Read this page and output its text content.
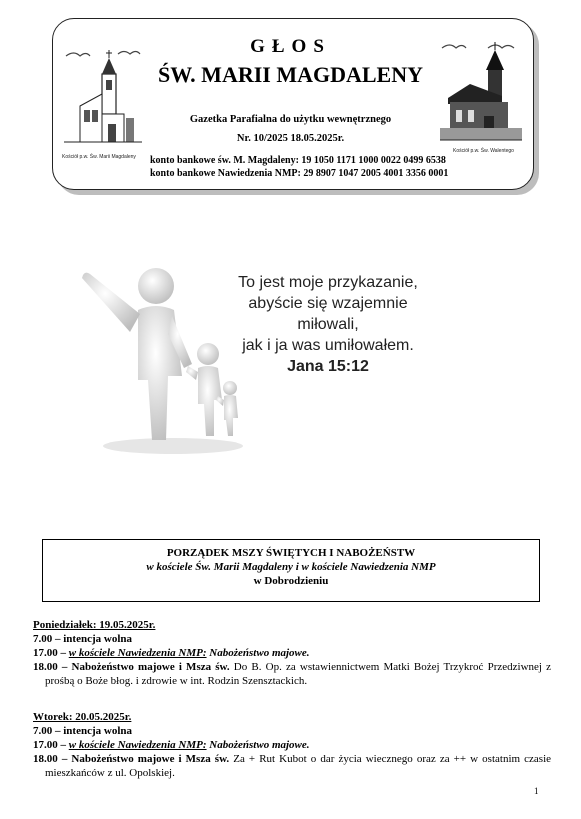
GŁOS
ŚW. MARII MAGDALENY
Gazetka Parafialna do użytku wewnętrznego
Nr. 10/2025 18.05.2025r.
konto bankowe św. M. Magdaleny: 19 1050 1171 1000 0022 0499 6538
konto bankowe Nawiedzenia NMP: 29 8907 1047 2005 4001 3356 0001
Kościół p.w. Św. Marii Magdaleny
Kościół p.w. Św. Walentego
To jest moje przykazanie,
abyście się wzajemnie miłowali,
jak i ja was umiłowałem.
Jana 15:12
PORZĄDEK MSZY ŚWIĘTYCH I NABOŻEŃSTW
w kościele Św. Marii Magdaleny i w kościele Nawiedzenia NMP
w Dobrodzieniu
Poniedziałek: 19.05.2025r.
7.00 – intencja wolna
17.00 – w kościele Nawiedzenia NMP: Nabożeństwo majowe.
18.00 – Nabożeństwo majowe i Msza św. Do B. Op. za wstawiennictwem Matki Bożej Trzykroć Przedziwnej z prośbą o Boże błog. i zdrowie w int. Rodzin Szensztackich.
Wtorek: 20.05.2025r.
7.00 – intencja wolna
17.00 – w kościele Nawiedzenia NMP: Nabożeństwo majowe.
18.00 – Nabożeństwo majowe i Msza św. Za + Rut Kubot o dar życia wiecznego oraz za ++ w ostatnim czasie mieszkańców z ul. Opolskiej.
1
